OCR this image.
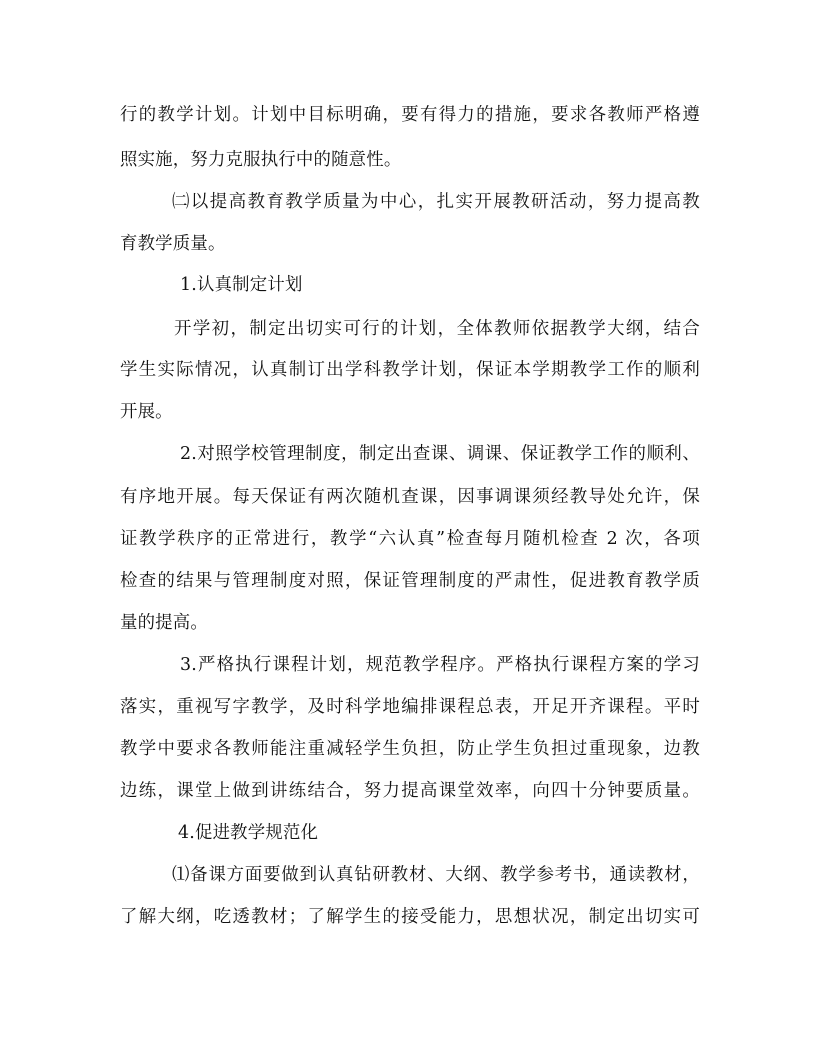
行的教学计划。计划中目标明确，要有得力的措施，要求各教师严格遵

照实施，努力克服执行中的随意性。

㈡以提高教育教学质量为中心，扎实开展教研活动，努力提高教

育教学质量。

1.认真制定计划

开学初，制定出切实可行的计划，全体教师依据教学大纲，结合

学生实际情况，认真制订出学科教学计划，保证本学期教学工作的顺利

开展。

2.对照学校管理制度，制定出查课、调课、保证教学工作的顺利、

有序地开展。每天保证有两次随机查课，因事调课须经教导处允许，保

证教学秩序的正常进行，教学“六认真”检查每月随机检查 2 次，各项

检查的结果与管理制度对照，保证管理制度的严肃性，促进教育教学质

量的提高。

3.严格执行课程计划，规范教学程序。严格执行课程方案的学习

落实，重视写字教学，及时科学地编排课程总表，开足开齐课程。平时

教学中要求各教师能注重减轻学生负担，防止学生负担过重现象，边教

边练，课堂上做到讲练结合，努力提高课堂效率，向四十分钟要质量。

4.促进教学规范化

⑴备课方面要做到认真钻研教材、大纲、教学参考书，通读教材，

了解大纲，吃透教材；了解学生的接受能力，思想状况，制定出切实可
